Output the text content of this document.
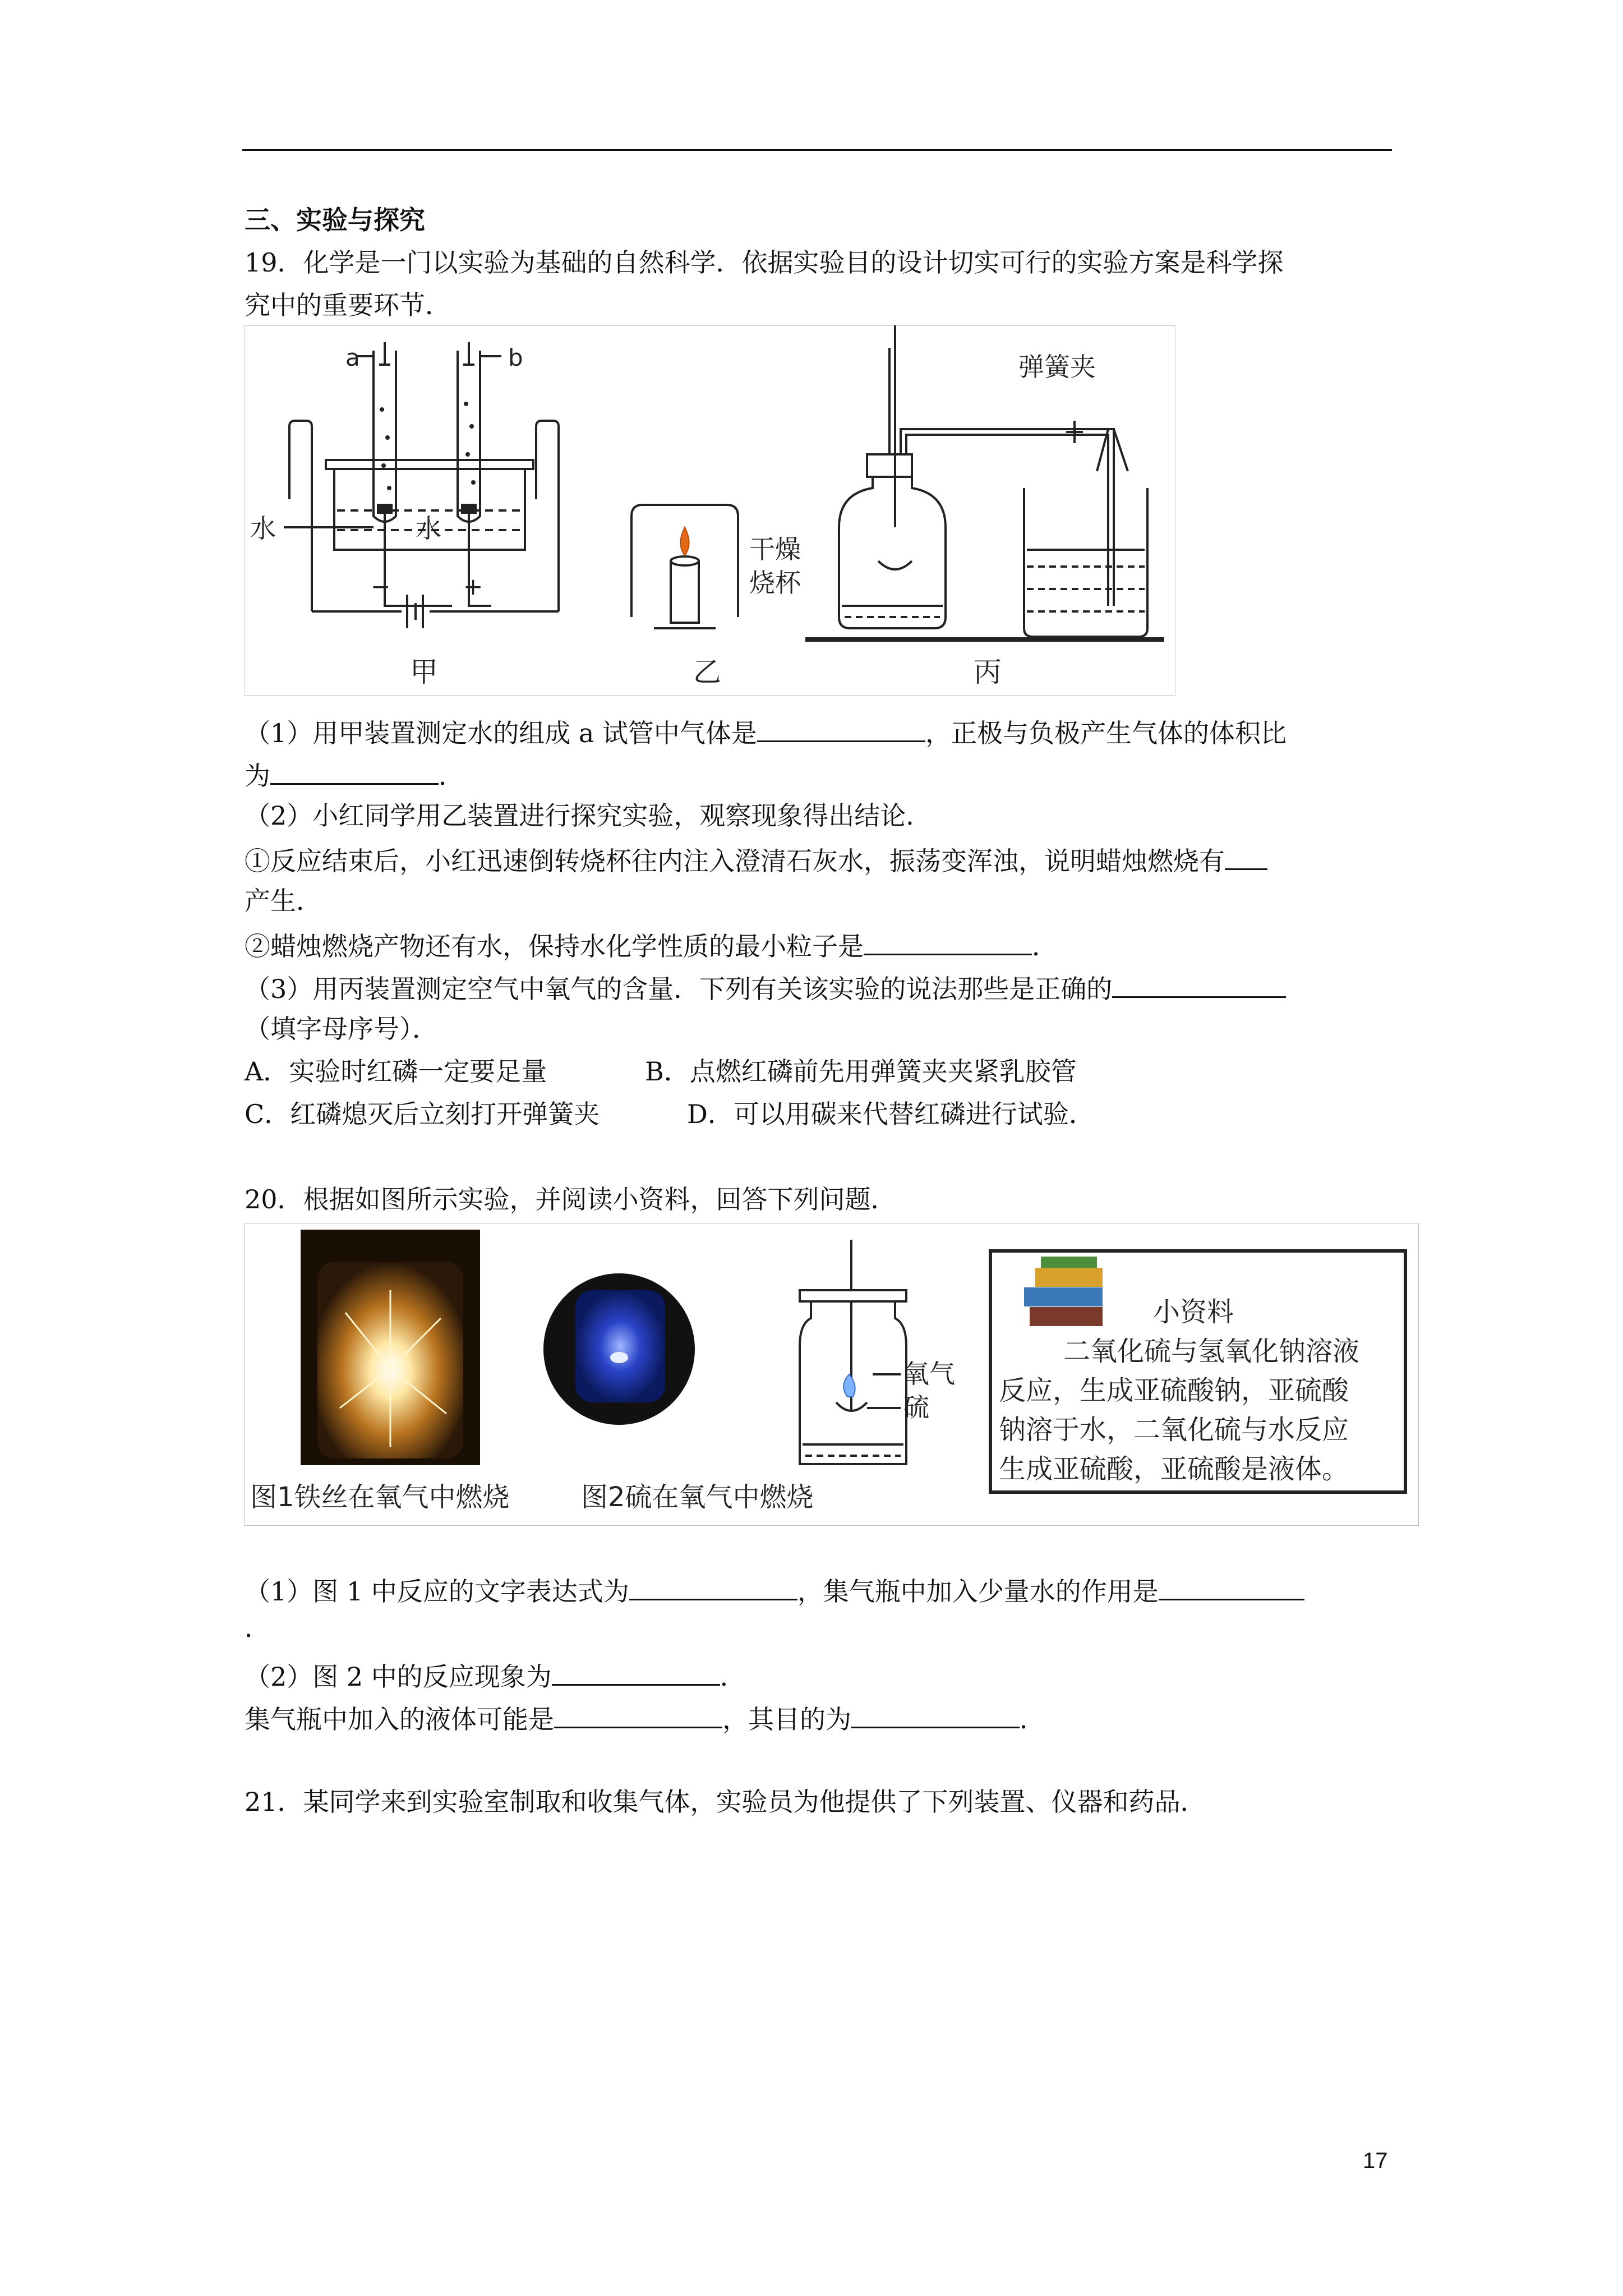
三、实验与探究
19．化学是一门以实验为基础的自然科学．依据实验目的设计切实可行的实验方案是科学探
究中的重要环节．
a	b
水	水
−	+
甲
干燥
烧杯
乙
弹簧夹
丙
（1）用甲装置测定水的组成 a 试管中气体是	，正极与负极产生气体的体积比
为	．
（2）小红同学用乙装置进行探究实验，观察现象得出结论．
①反应结束后，小红迅速倒转烧杯往内注入澄清石灰水，振荡变浑浊，说明蜡烛燃烧有
产生．
②蜡烛燃烧产物还有水，保持水化学性质的最小粒子是	．
（3）用丙装置测定空气中氧气的含量．下列有关该实验的说法那些是正确的
（填字母序号）．
A．实验时红磷一定要足量	B．点燃红磷前先用弹簧夹夹紧乳胶管
C．红磷熄灭后立刻打开弹簧夹	D．可以用碳来代替红磷进行试验．
20．根据如图所示实验，并阅读小资料，回答下列问题．
氧气
硫
小资料
二氧化硫与氢氧化钠溶液
反应，生成亚硫酸钠，亚硫酸
钠溶于水，二氧化硫与水反应
生成亚硫酸，亚硫酸是液体。
图1铁丝在氧气中燃烧	图2硫在氧气中燃烧
（1）图 1 中反应的文字表达式为	，集气瓶中加入少量水的作用是
．
（2）图 2 中的反应现象为	．
集气瓶中加入的液体可能是	，其目的为	．
21．某同学来到实验室制取和收集气体，实验员为他提供了下列装置、仪器和药品．
17
